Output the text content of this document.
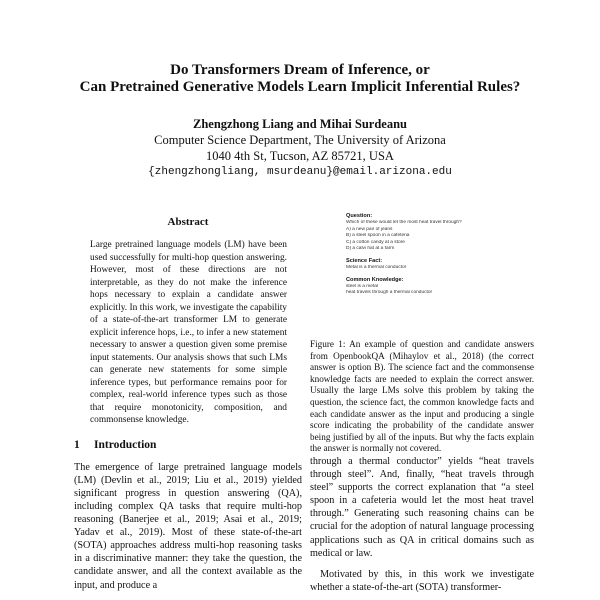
Do Transformers Dream of Inference, or
Can Pretrained Generative Models Learn Implicit Inferential Rules?
Zhengzhong Liang and Mihai Surdeanu
Computer Science Department, The University of Arizona
1040 4th St, Tucson, AZ 85721, USA
{zhengzhongliang, msurdeanu}@email.arizona.edu
Abstract
Large pretrained language models (LM) have been used successfully for multi-hop question answering. However, most of these directions are not interpretable, as they do not make the inference hops necessary to explain a candidate answer explicitly. In this work, we investigate the capability of a state-of-the-art transformer LM to generate explicit inference hops, i.e., to infer a new statement necessary to answer a question given some premise input statements. Our analysis shows that such LMs can generate new statements for some simple inference types, but performance remains poor for complex, real-world inference types such as those that require monotonicity, composition, and commonsense knowledge.
1 Introduction

The emergence of large pretrained language models (LM) (Devlin et al., 2019; Liu et al., 2019) yielded significant progress in question answering (QA), including complex QA tasks that require multi-hop reasoning (Banerjee et al., 2019; Asai et al., 2019; Yadav et al., 2019). Most of these state-of-the-art (SOTA) approaches address multi-hop reasoning tasks in a discriminative manner: they take the question, the candidate answer, and all the context available as the input, and produce a

Question:
Which of these would let the most heat travel through?
A) a new pair of jeans
B) a steel spoon in a cafeteria
C) a cotton candy at a store
D) a calvi hat at a farm
Science Fact:
Metal is a thermal conductor
Common Knowledge:
steel is a metal
heat travels through a thermal conductor
Figure 1: An example of question and candidate answers from OpenbookQA (Mihaylov et al., 2018) (the correct answer is option B). The science fact and the commonsense knowledge facts are needed to explain the correct answer. Usually the large LMs solve this problem by taking the question, the science fact, the common knowledge facts and each candidate answer as the input and producing a single score indicating the probability of the candidate answer being justified by all of the inputs. But why the facts explain the answer is normally not covered.

through a thermal conductor” yields “heat travels through steel”. And, finally, “heat travels through steel” supports the correct explanation that “a steel spoon in a cafeteria would let the most heat travel through.” Generating such reasoning chains can be crucial for the adoption of natural language processing applications such as QA in critical domains such as medical or law.

Motivated by this, in this work we investigate whether a state-of-the-art (SOTA) transformer-
